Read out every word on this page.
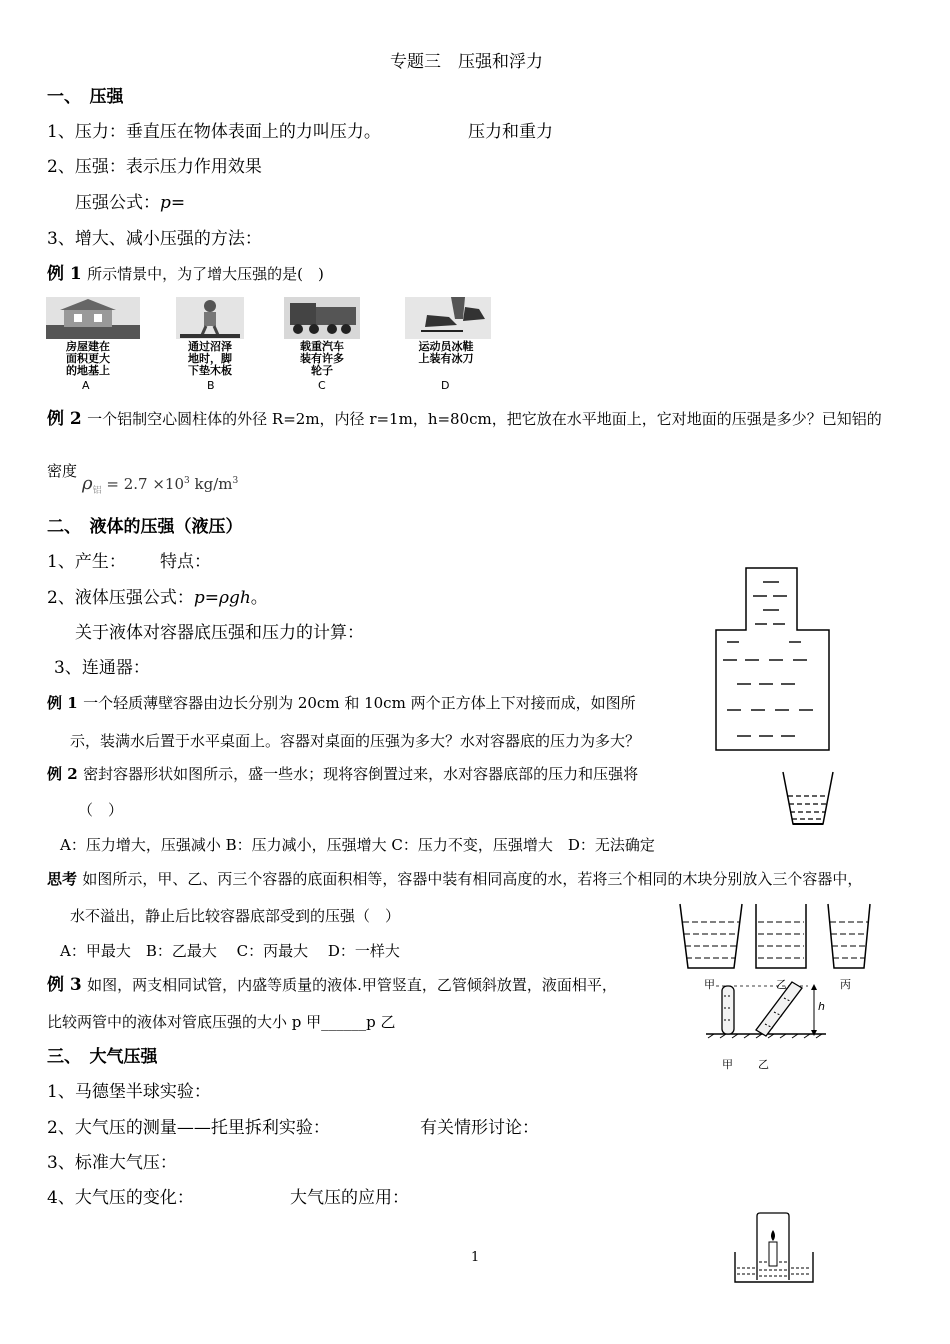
专题三　压强和浮力
一、　压强
1、压力：垂直压在物体表面上的力叫压力。	压力和重力
2、压强：表示压力作用效果
压强公式：p=
3、增大、减小压强的方法：
例 1 所示情景中，为了增大压强的是(　)
房屋建在
面积更大
的地基上
A
通过沼泽
地时，脚
下垫木板
B
载重汽车
装有许多
轮子
C
运动员冰鞋
上装有冰刀
D
例 2 一个铝制空心圆柱体的外径 R=2m，内径 r=1m，h=80cm，把它放在水平地面上，它对地面的压强是多少？已知铝的
密度
$\rho_铝 = 2.7 \times 10^3$ $kg/m^3$
二、　液体的压强（液压）
1、产生： 特点：
2、液体压强公式：p=ρgh。
关于液体对容器底压强和压力的计算：
3、连通器：
例 1 一个轻质薄壁容器由边长分别为 20cm 和 10cm 两个正方体上下对接而成，如图所
示，装满水后置于水平桌面上。容器对桌面的压强为多大？水对容器底的压力为多大？
例 2 密封容器形状如图所示，盛一些水；现将容倒置过来，水对容器底部的压力和压强将
（　）
A：压力增大，压强减小 B：压力减小，压强增大 C：压力不变，压强增大　D：无法确定
思考 如图所示，甲、乙、丙三个容器的底面积相等，容器中装有相同高度的水，若将三个相同的木块分别放入三个容器中，
水不溢出，静止后比较容器底部受到的压强（　）
A：甲最大　B：乙最大　 C：丙最大　 D：一样大
例 3 如图，两支相同试管，内盛等质量的液体.甲管竖直，乙管倾斜放置，液面相平，
比较两管中的液体对管底压强的大小 p 甲______p 乙
甲	乙	丙
h
甲 乙
三、　大气压强
1、马德堡半球实验：
2、大气压的测量——托里拆利实验：	有关情形讨论：
3、标准大气压：
4、大气压的变化：	大气压的应用：
1
